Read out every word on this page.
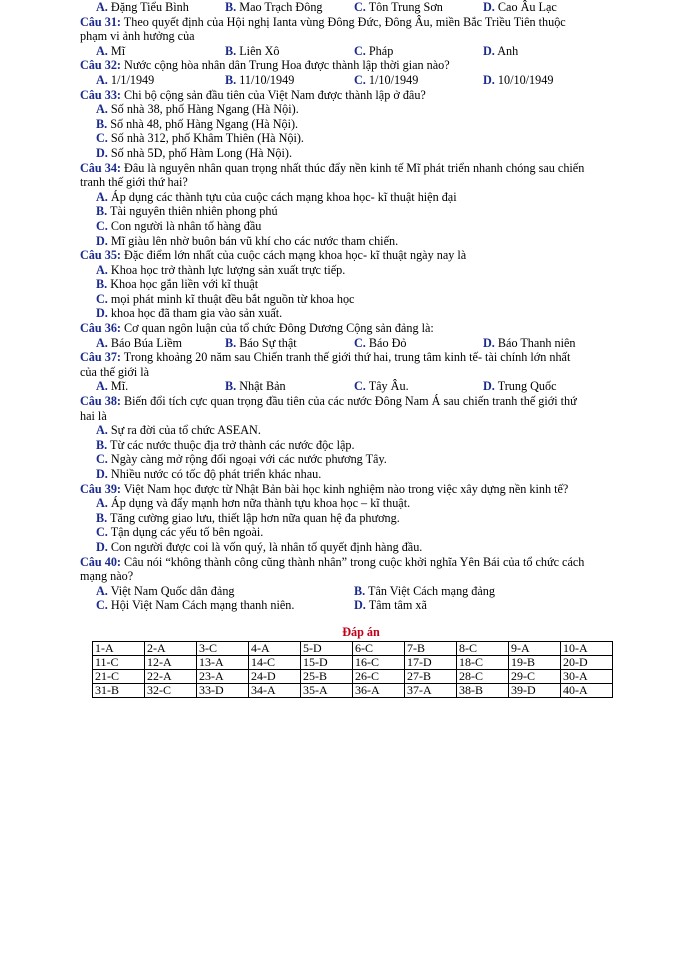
A. Đặng Tiểu Bình	B. Mao Trạch Đông	C. Tôn Trung Sơn	D. Cao Âu Lạc
Câu 31: Theo quyết định của Hội nghị Ianta vùng Đông Đức, Đông Âu, miền Bắc Triều Tiên thuộc
phạm vi ảnh hưởng của
A. Mĩ	B. Liên Xô	C. Pháp	D. Anh
Câu 32: Nước cộng hòa nhân dân Trung Hoa được thành lập thời gian nào?
A. 1/1/1949	B. 11/10/1949	C. 1/10/1949	D. 10/10/1949
Câu 33: Chi bộ cộng sản đầu tiên của Việt Nam được thành lập ở đâu?
A. Số nhà 38, phố Hàng Ngang (Hà Nội).
B. Số nhà 48, phố Hàng Ngang (Hà Nội).
C. Số nhà 312, phố Khâm Thiên (Hà Nội).
D. Số nhà 5D, phố Hàm Long (Hà Nội).
Câu 34: Đâu là nguyên nhân quan trọng nhất thúc đẩy nền kinh tế Mĩ phát triển nhanh chóng sau chiến
tranh thế giới thứ hai?
A. Áp dụng các thành tựu của cuộc cách mạng khoa học- kĩ thuật hiện đại
B. Tài nguyên thiên nhiên phong phú
C. Con người là nhân tố hàng đầu
D. Mĩ giàu lên nhờ buôn bán vũ khí cho các nước tham chiến.
Câu 35: Đặc điểm lớn nhất của cuộc cách mạng khoa học- kĩ thuật ngày nay là
A. Khoa học trở thành lực lượng sản xuất trực tiếp.
B. Khoa học gắn liền với kĩ thuật
C. mọi phát minh kĩ thuật đều bắt nguồn từ khoa học
D. khoa học đã tham gia vào sản xuất.
Câu 36: Cơ quan ngôn luận của tổ chức Đông Dương Cộng sản đảng là:
A. Báo Búa Liềm	B. Báo Sự thật	C. Báo Đỏ	D. Báo Thanh niên
Câu 37: Trong khoảng 20 năm sau Chiến tranh thế giới thứ hai, trung tâm kinh tế- tài chính lớn nhất
của thế giới là
A. Mĩ.	B. Nhật Bản	C. Tây Âu.	D. Trung Quốc
Câu 38: Biến đổi tích cực quan trọng đầu tiên của các nước Đông Nam Á sau chiến tranh thế giới thứ
hai là
A. Sự ra đời của tổ chức ASEAN.
B. Từ các nước thuộc địa trở thành các nước độc lập.
C. Ngày càng mở rộng đối ngoại với các nước phương Tây.
D. Nhiều nước có tốc độ phát triển khác nhau.
Câu 39: Việt Nam học được từ Nhật Bản bài học kinh nghiệm nào trong việc xây dựng nền kinh tế?
A. Áp dụng và đẩy mạnh hơn nữa thành tựu khoa học – kĩ thuật.
B. Tăng cường giao lưu, thiết lập hơn nữa quan hệ đa phương.
C. Tận dụng các yếu tố bên ngoài.
D. Con người được coi là vốn quý, là nhân tố quyết định hàng đầu.
Câu 40: Câu nói “không thành công cũng thành nhân” trong cuộc khởi nghĩa Yên Bái của tổ chức cách
mạng nào?
A. Việt Nam Quốc dân đảng	B. Tân Việt Cách mạng đảng
C. Hội Việt Nam Cách mạng thanh niên.	D. Tâm tâm xã
Đáp án
1-A	2-A	3-C	4-A	5-D	6-C	7-B	8-C	9-A	10-A
11-C	12-A	13-A	14-C	15-D	16-C	17-D	18-C	19-B	20-D
21-C	22-A	23-A	24-D	25-B	26-C	27-B	28-C	29-C	30-A
31-B	32-C	33-D	34-A	35-A	36-A	37-A	38-B	39-D	40-A
